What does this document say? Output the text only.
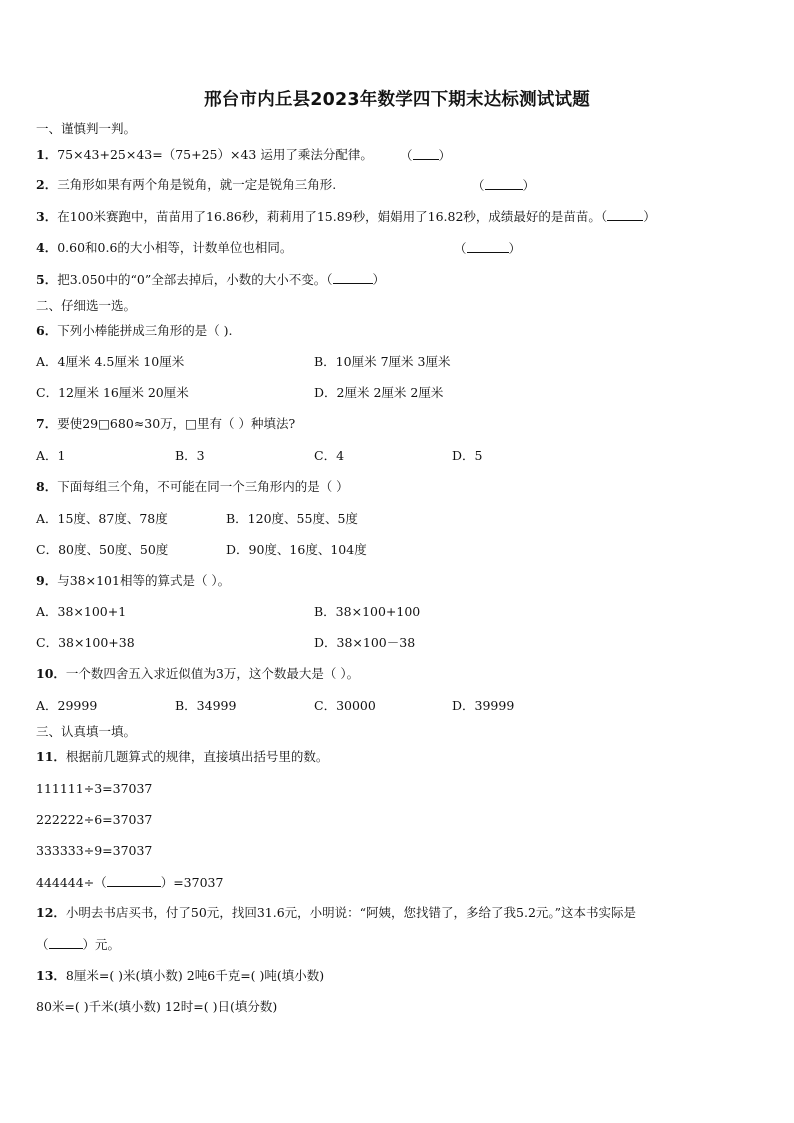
邢台市内丘县2023年数学四下期末达标测试试题
一、谨慎判一判。
1．75×43+25×43=（75+25）×43 运用了乘法分配律。 （ ）
2．三角形如果有两个角是锐角，就一定是锐角三角形.	（	）
3．在100米赛跑中，苗苗用了16.86秒，莉莉用了15.89秒，娟娟用了16.82秒，成绩最好的是苗苗。（	）
4．0.60和0.6的大小相等，计数单位也相同。	（	）
5．把3.050中的“0”全部去掉后，小数的大小不变。（	）
二、仔细选一选。
6．下列小棒能拼成三角形的是（ ).
A．4厘米 4.5厘米 10厘米	B．10厘米 7厘米 3厘米
C．12厘米 16厘米 20厘米	D．2厘米 2厘米 2厘米
7．要使29□680≈30万，□里有（ ）种填法?
A．1	B．3	C．4	D．5
8．下面每组三个角，不可能在同一个三角形内的是（ ）
A．15度、87度、78度	B．120度、55度、5度
C．80度、50度、50度	D．90度、16度、104度
9．与38×101相等的算式是（ ）。
A．38×100+1	B．38×100+100
C．38×100+38	D．38×100－38
10．一个数四舍五入求近似值为3万，这个数最大是（ ）。
A．29999	B．34999	C．30000	D．39999
三、认真填一填。
11．根据前几题算式的规律，直接填出括号里的数。
111111÷3=37037
222222÷6=37037
333333÷9=37037
444444÷（	）=37037
12．小明去书店买书，付了50元，找回31.6元，小明说：“阿姨，您找错了，多给了我5.2元。”这本书实际是
（	）元。
13．8厘米=( )米(填小数) 2吨6千克=( )吨(填小数)
80米=( )千米(填小数) 12时=( )日(填分数)
